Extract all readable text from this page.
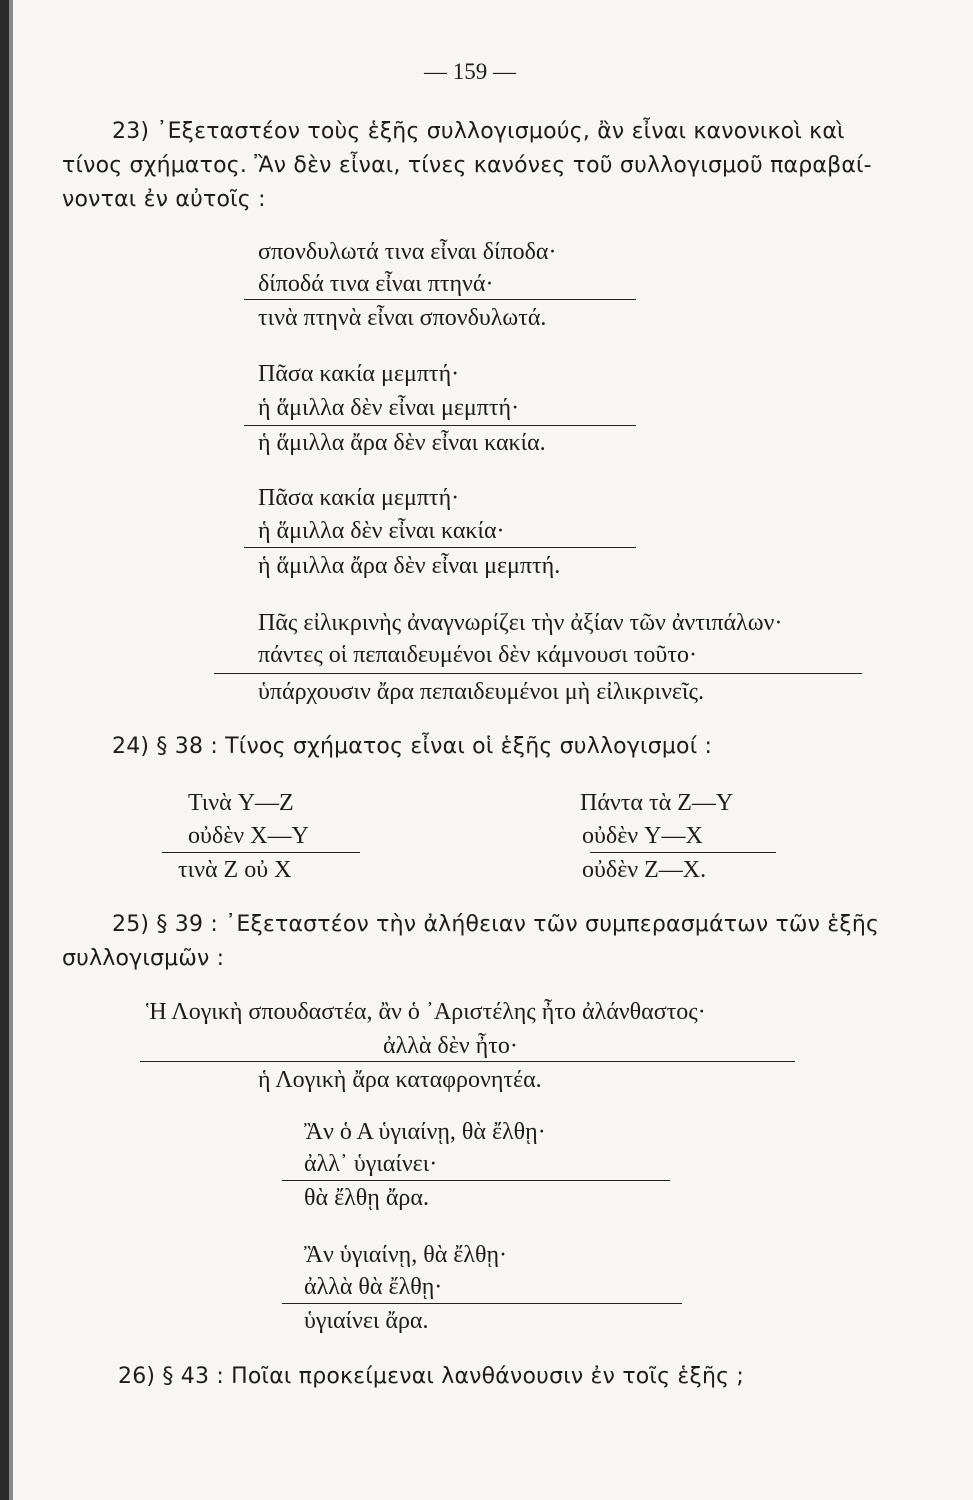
— 159 —
23) ᾿Εξεταστέον τοὺς ἑξῆς συλλογισμούς, ἂν εἶναι κανονικοὶ καὶ
τίνος σχήματος. Ἂν δὲν εἶναι, τίνες κανόνες τοῦ συλλογισμοῦ παραβαί-
νονται ἐν αὐτοῖς :
σπονδυλωτά τινα εἶναι δίποδα·
δίποδά τινα εἶναι πτηνά·
τινὰ πτηνὰ εἶναι σπονδυλωτά.
Πᾶσα κακία μεμπτή·
ἡ ἅμιλλα δὲν εἶναι μεμπτή·
ἡ ἅμιλλα ἄρα δὲν εἶναι κακία.
Πᾶσα κακία μεμπτή·
ἡ ἅμιλλα δὲν εἶναι κακία·
ἡ ἅμιλλα ἄρα δὲν εἶναι μεμπτή.
Πᾶς εἰλικρινὴς ἀναγνωρίζει τὴν ἀξίαν τῶν ἀντιπάλων·
πάντες οἱ πεπαιδευμένοι δὲν κάμνουσι τοῦτο·
ὑπάρχουσιν ἄρα πεπαιδευμένοι μὴ εἰλικρινεῖς.
24) § 38 : Τίνος σχήματος εἶναι οἱ ἑξῆς συλλογισμοί :
Τινὰ Y—Z
οὐδὲν X—Y
τινὰ Z οὐ X
Πάντα τὰ Z—Y
οὐδὲν Y—X
οὐδὲν Z—X.
25) § 39 : ᾿Εξεταστέον τὴν ἀλήθειαν τῶν συμπερασμάτων τῶν ἑξῆς
συλλογισμῶν :
Ἡ Λογικὴ σπουδαστέα, ἂν ὁ ᾿Αριστέλης ἦτο ἀλάνθαστος·
ἀλλὰ δὲν ἦτο·
ἡ Λογικὴ ἄρα καταφρονητέα.
Ἂν ὁ Α ὑγιαίνῃ, θὰ ἔλθῃ·
ἀλλ᾿ ὑγιαίνει·
θὰ ἔλθῃ ἄρα.
Ἂν ὑγιαίνῃ, θὰ ἔλθῃ·
ἀλλὰ θὰ ἔλθῃ·
ὑγιαίνει ἄρα.
26) § 43 : Ποῖαι προκείμεναι λανθάνουσιν ἐν τοῖς ἑξῆς ;
